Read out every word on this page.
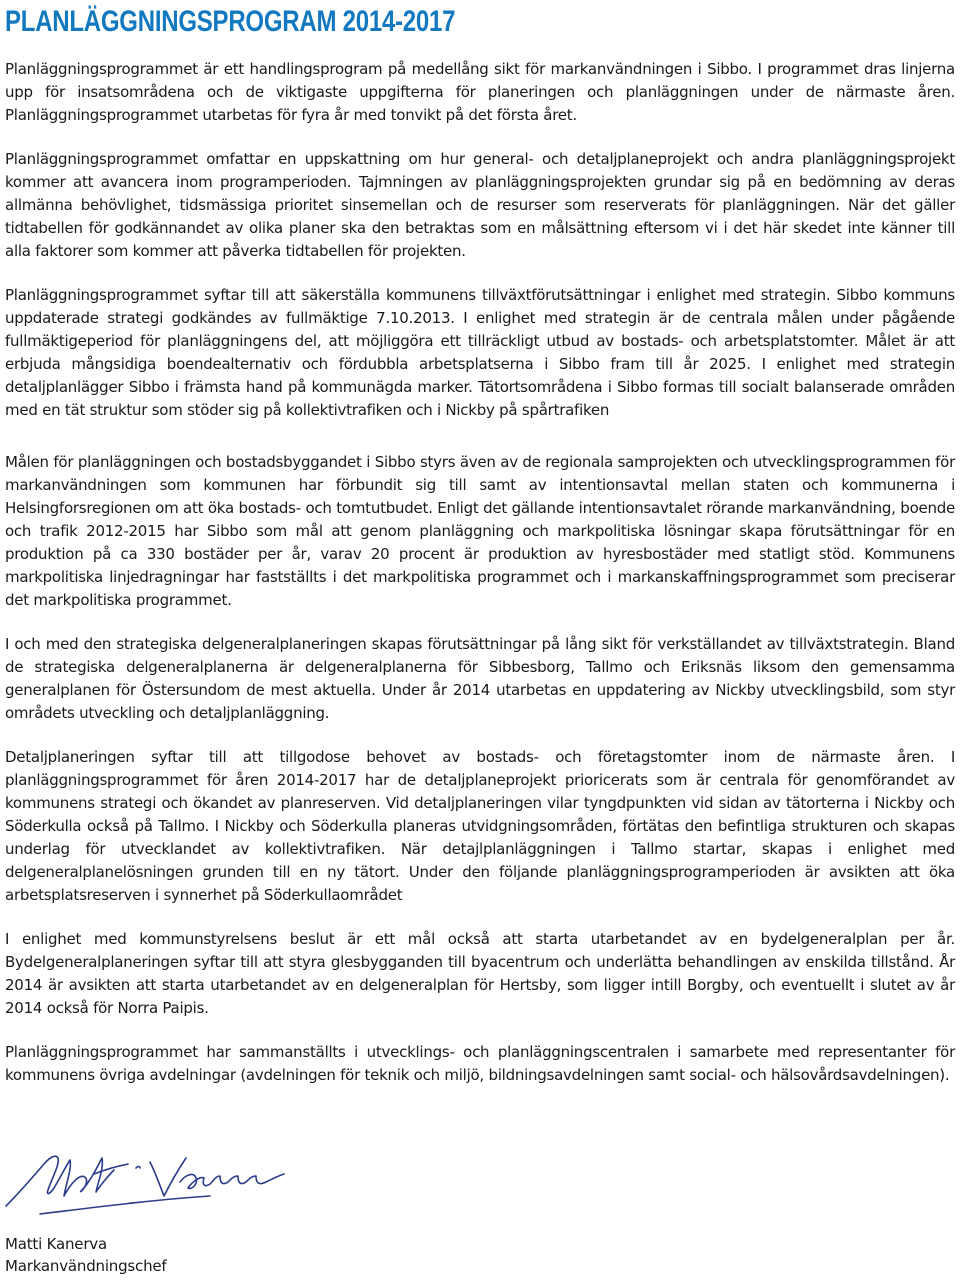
PLANLÄGGNINGSPROGRAM 2014-2017

Planläggningsprogrammet är ett handlingsprogram på medellång sikt för markanvändningen i Sibbo. I programmet dras linjerna upp för insatsområdena och de viktigaste uppgifterna för planeringen och planläggningen under de närmaste åren. Planläggningsprogrammet utarbetas för fyra år med tonvikt på det första året.

Planläggningsprogrammet omfattar en uppskattning om hur general- och detaljplaneprojekt och andra planläggningsprojekt kommer att avancera inom programperioden. Tajmningen av planläggningsprojekten grundar sig på en bedömning av deras allmänna behövlighet, tidsmässiga prioritet sinsemellan och de resurser som reserverats för planläggningen. När det gäller tidtabellen för godkännandet av olika planer ska den betraktas som en målsättning eftersom vi i det här skedet inte känner till alla faktorer som kommer att påverka tidtabellen för projekten.

Planläggningsprogrammet syftar till att säkerställa kommunens tillväxtförutsättningar i enlighet med strategin. Sibbo kommuns uppdaterade strategi godkändes av fullmäktige 7.10.2013. I enlighet med strategin är de centrala målen under pågående fullmäktigeperiod för planläggningens del, att möjliggöra ett tillräckligt utbud av bostads- och arbetsplatstomter. Målet är att erbjuda mångsidiga boendealternativ och fördubbla arbetsplatserna i Sibbo fram till år 2025. I enlighet med strategin detaljplanlägger Sibbo i främsta hand på kommunägda marker. Tätortsområdena i Sibbo formas till socialt balanserade områden med en tät struktur som stöder sig på kollektivtrafiken och i Nickby på spårtrafiken

Målen för planläggningen och bostadsbyggandet i Sibbo styrs även av de regionala samprojekten och utvecklingsprogrammen för markanvändningen som kommunen har förbundit sig till samt av intentionsavtal mellan staten och kommunerna i Helsingforsregionen om att öka bostads- och tomtutbudet. Enligt det gällande intentionsavtalet rörande markanvändning, boende och trafik 2012-2015 har Sibbo som mål att genom planläggning och markpolitiska lösningar skapa förutsättningar för en produktion på ca 330 bostäder per år, varav 20 procent är produktion av hyresbostäder med statligt stöd. Kommunens markpolitiska linjedragningar har fastställts i det markpolitiska programmet och i markanskaffningsprogrammet som preciserar det markpolitiska programmet.

I och med den strategiska delgeneralplaneringen skapas förutsättningar på lång sikt för verkställandet av tillväxtstrategin. Bland de strategiska delgeneralplanerna är delgeneralplanerna för Sibbesborg, Tallmo och Eriksnäs liksom den gemensamma generalplanen för Östersundom de mest aktuella. Under år 2014 utarbetas en uppdatering av Nickby utvecklingsbild, som styr områdets utveckling och detaljplanläggning.

Detaljplaneringen syftar till att tillgodose behovet av bostads- och företagstomter inom de närmaste åren. I planläggningsprogrammet för åren 2014-2017 har de detaljplaneprojekt prioricerats som är centrala för genomförandet av kommunens strategi och ökandet av planreserven. Vid detaljplaneringen vilar tyngdpunkten vid sidan av tätorterna i Nickby och Söderkulla också på Tallmo. I Nickby och Söderkulla planeras utvidgningsområden, förtätas den befintliga strukturen och skapas underlag för utvecklandet av kollektivtrafiken. När detajlplanläggningen i Tallmo startar, skapas i enlighet med delgeneralplanelösningen grunden till en ny tätort. Under den följande planläggningsprogramperioden är avsikten att öka arbetsplatsreserven i synnerhet på Söderkullaområdet

I enlighet med kommunstyrelsens beslut är ett mål också att starta utarbetandet av en bydelgeneralplan per år. Bydelgeneralplaneringen syftar till att styra glesbygganden till byacentrum och underlätta behandlingen av enskilda tillstånd. År 2014 är avsikten att starta utarbetandet av en delgeneralplan för Hertsby, som ligger intill Borgby, och eventuellt i slutet av år 2014 också för Norra Paipis.

Planläggningsprogrammet har sammanställts i utvecklings- och planläggningscentralen i samarbete med representanter för kommunens övriga avdelningar (avdelningen för teknik och miljö, bildningsavdelningen samt social- och hälsovårdsavdelningen).

Matti Kanerva
Markanvändningschef
